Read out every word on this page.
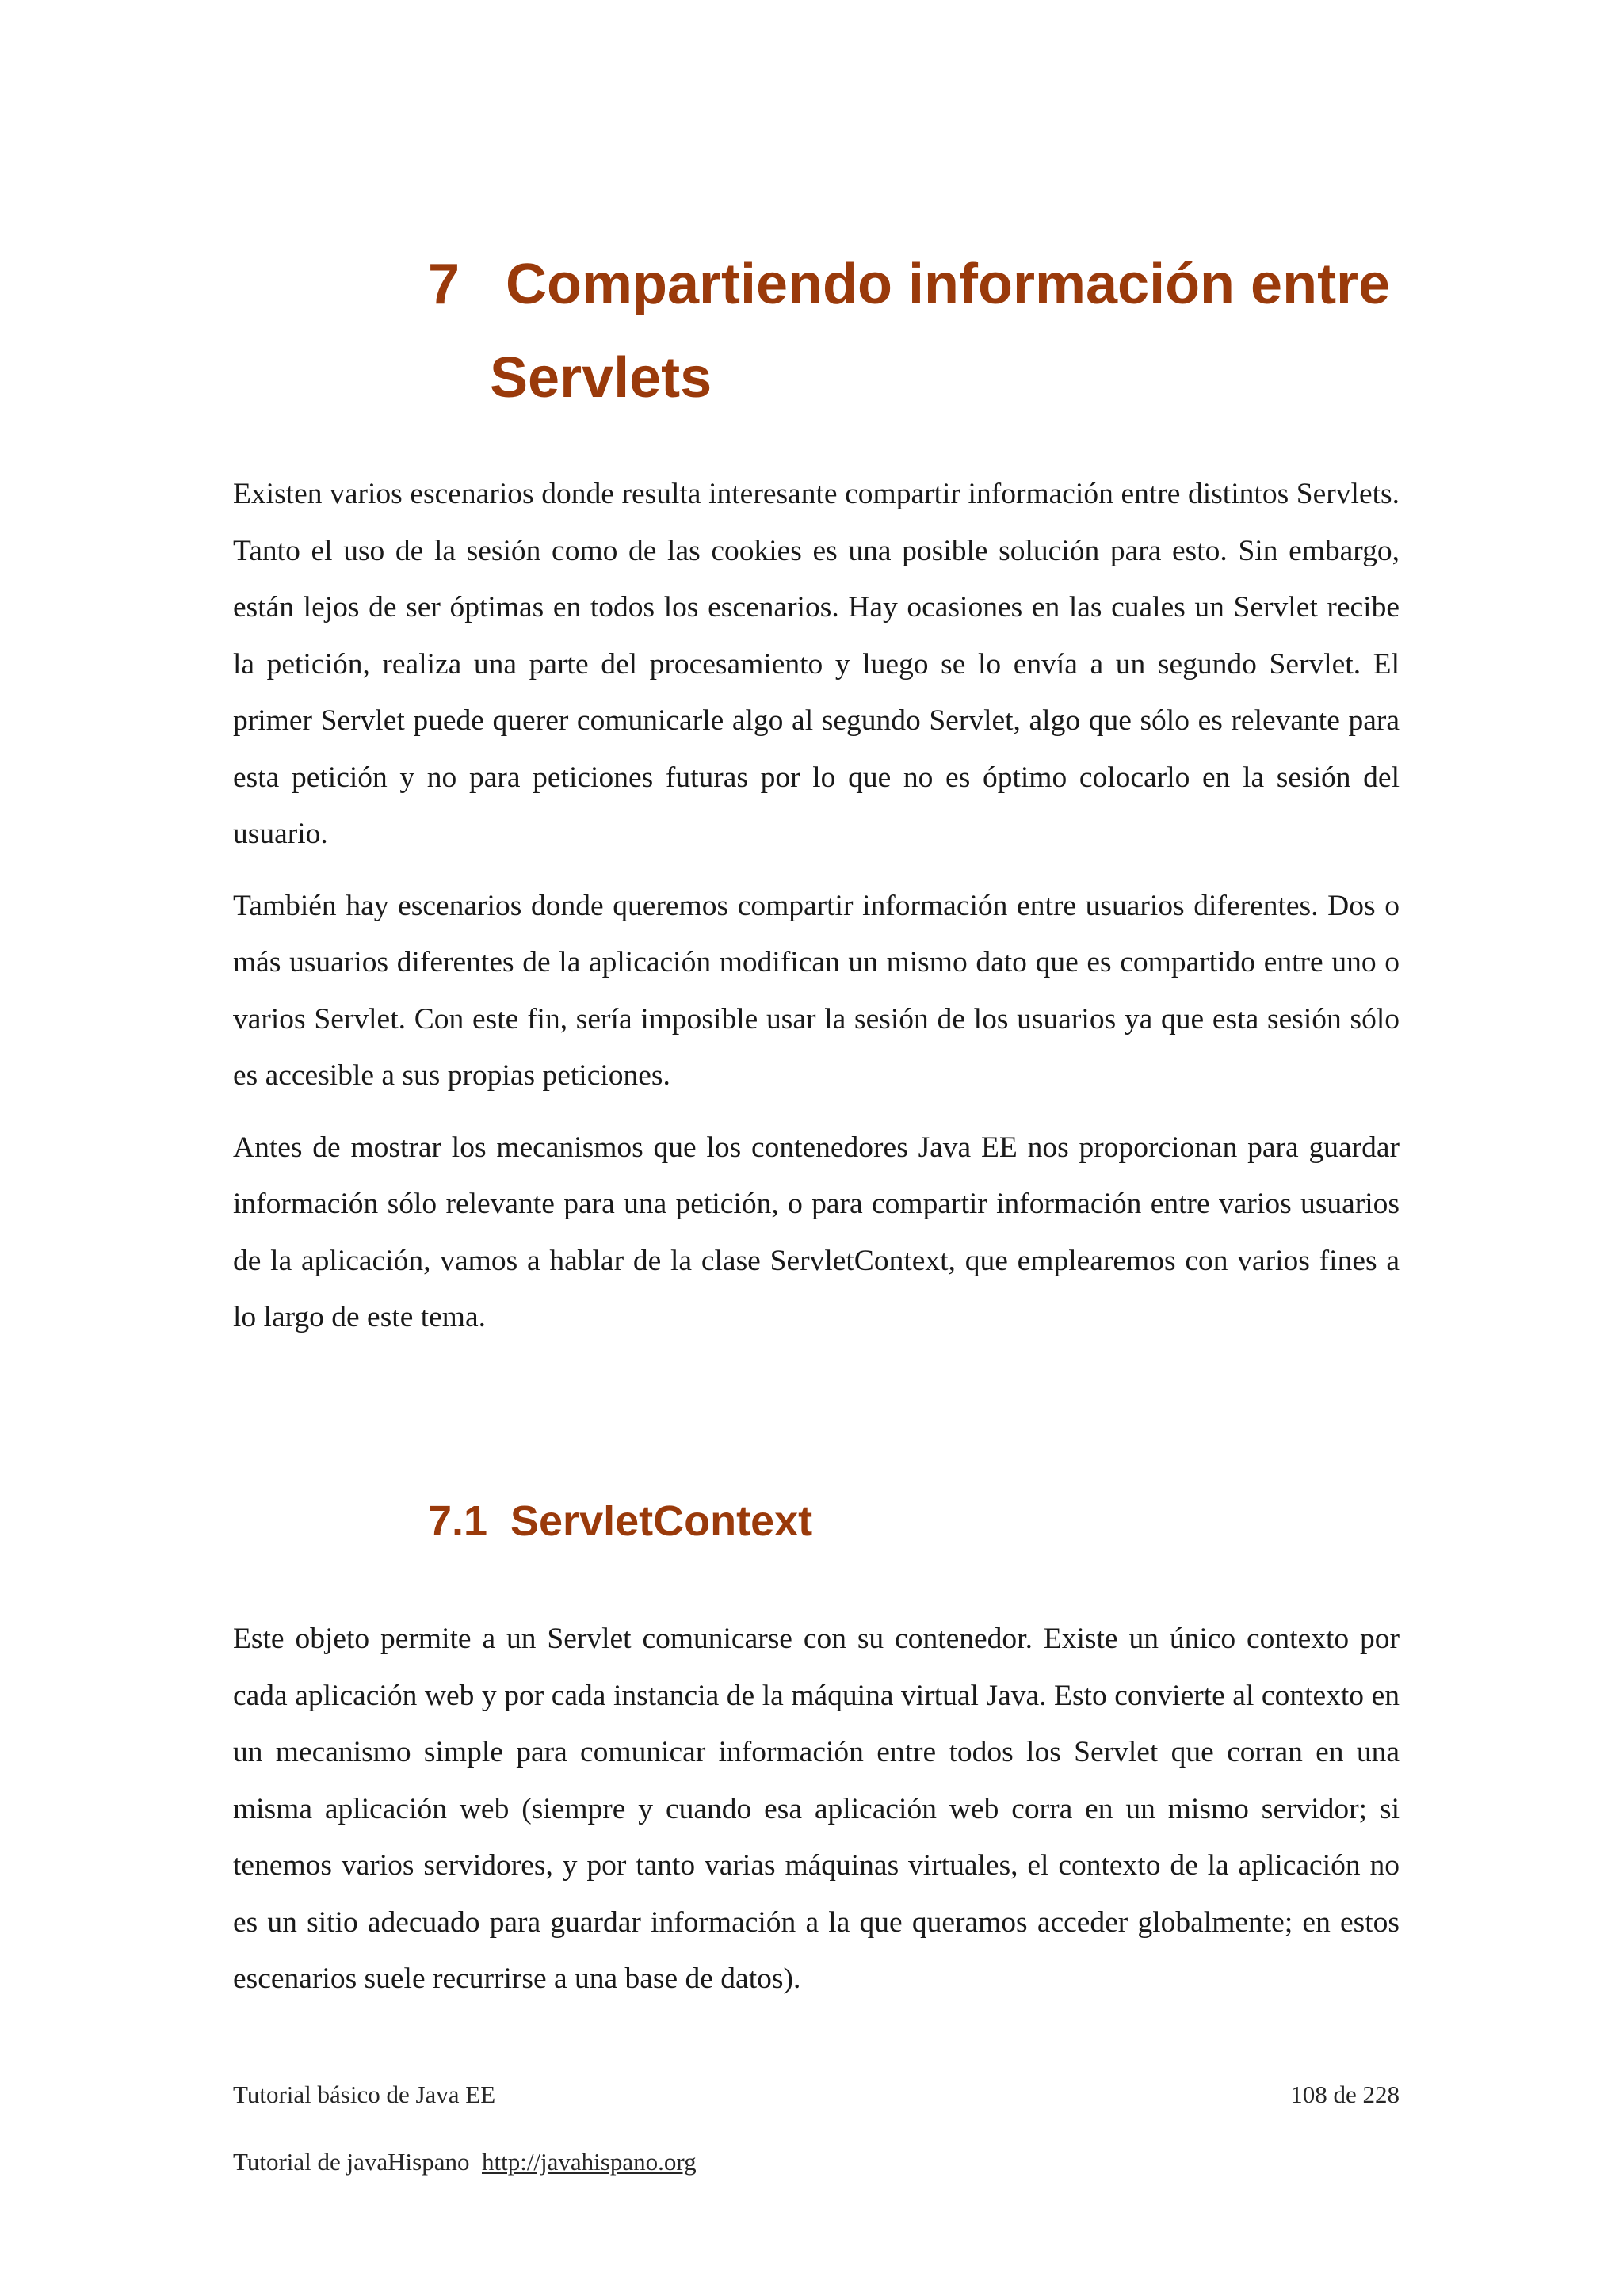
7 Compartiendo información entre
Servlets

Existen varios escenarios donde resulta interesante compartir información entre distintos Servlets. Tanto el uso de la sesión como de las cookies es una posible solución para esto. Sin embargo, están lejos de ser óptimas en todos los escenarios. Hay ocasiones en las cuales un Servlet recibe la petición, realiza una parte del procesamiento y luego se lo envía a un segundo Servlet. El primer Servlet puede querer comunicarle algo al segundo Servlet, algo que sólo es relevante para esta petición y no para peticiones futuras por lo que no es óptimo colocarlo en la sesión del usuario.

También hay escenarios donde queremos compartir información entre usuarios diferentes. Dos o más usuarios diferentes de la aplicación modifican un mismo dato que es compartido entre uno o varios Servlet. Con este fin, sería imposible usar la sesión de los usuarios ya que esta sesión sólo es accesible a sus propias peticiones.

Antes de mostrar los mecanismos que los contenedores Java EE nos proporcionan para guardar información sólo relevante para una petición, o para compartir información entre varios usuarios de la aplicación, vamos a hablar de la clase ServletContext, que emplearemos con varios fines a lo largo de este tema.

7.1 ServletContext

Este objeto permite a un Servlet comunicarse con su contenedor. Existe un único contexto por cada aplicación web y por cada instancia de la máquina virtual Java. Esto convierte al contexto en un mecanismo simple para comunicar información entre todos los Servlet que corran en una misma aplicación web (siempre y cuando esa aplicación web corra en un mismo servidor; si tenemos varios servidores, y por tanto varias máquinas virtuales, el contexto de la aplicación no es un sitio adecuado para guardar información a la que queramos acceder globalmente; en estos escenarios suele recurrirse a una base de datos).

Tutorial básico de Java EE	108 de 228
Tutorial de javaHispano http://javahispano.org
